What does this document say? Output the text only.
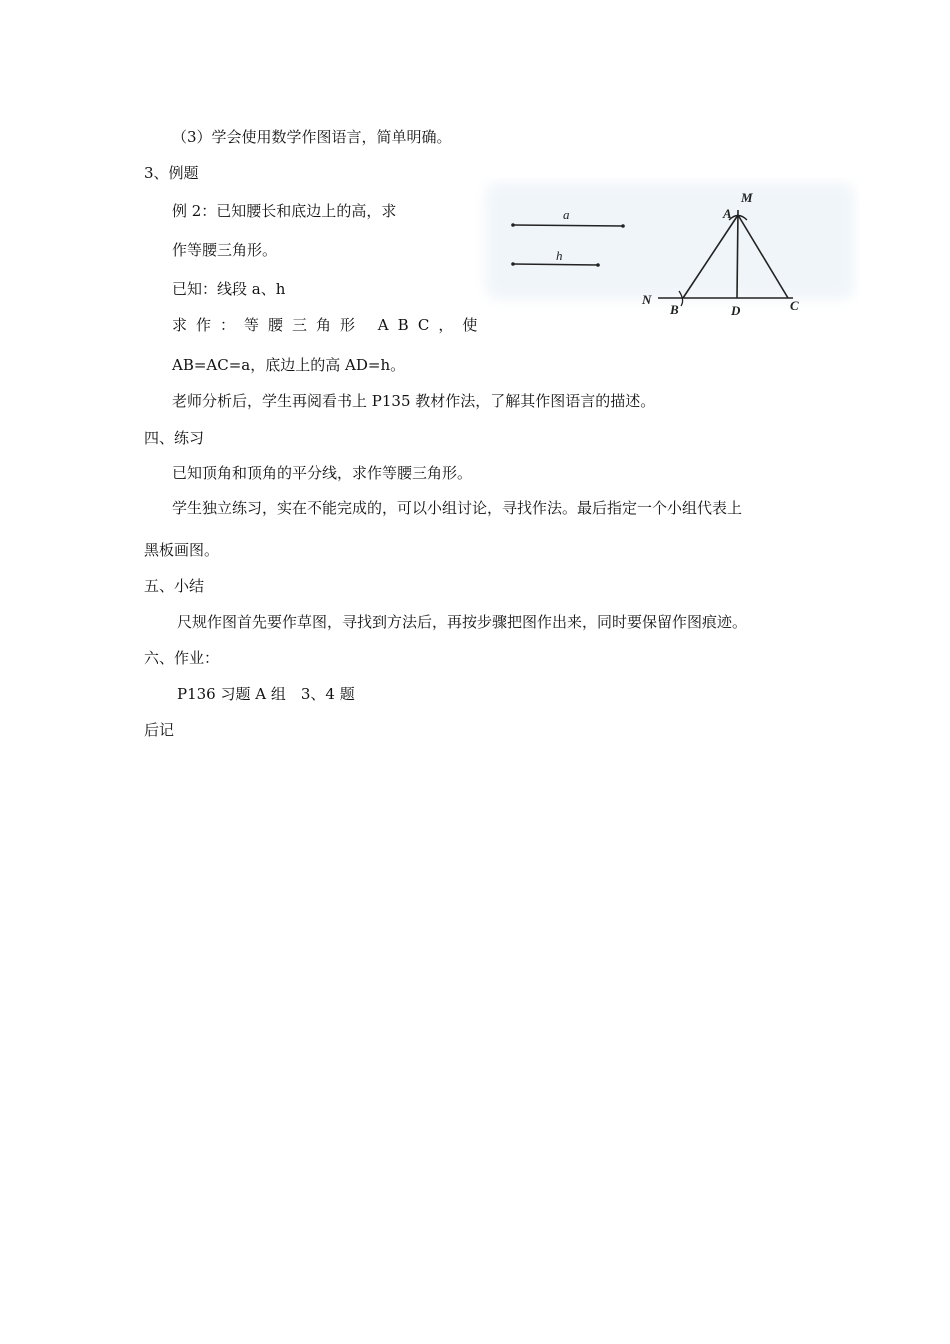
（3）学会使用数学作图语言，简单明确。
3、例题
例 2：已知腰长和底边上的高，求
作等腰三角形。
已知：线段 a、h
求作：等腰三角形 ABC，使
AB=AC=a，底边上的高 AD=h。
老师分析后，学生再阅看书上 P135 教材作法，了解其作图语言的描述。
四、练习
已知顶角和顶角的平分线，求作等腰三角形。
学生独立练习，实在不能完成的，可以小组讨论，寻找作法。最后指定一个小组代表上
黑板画图。
五、小结
尺规作图首先要作草图，寻找到方法后，再按步骤把图作出来，同时要保留作图痕迹。
六、作业：
P136 习题 A 组　3、4 题
后记
a
h
M
A
N
B	D	C
